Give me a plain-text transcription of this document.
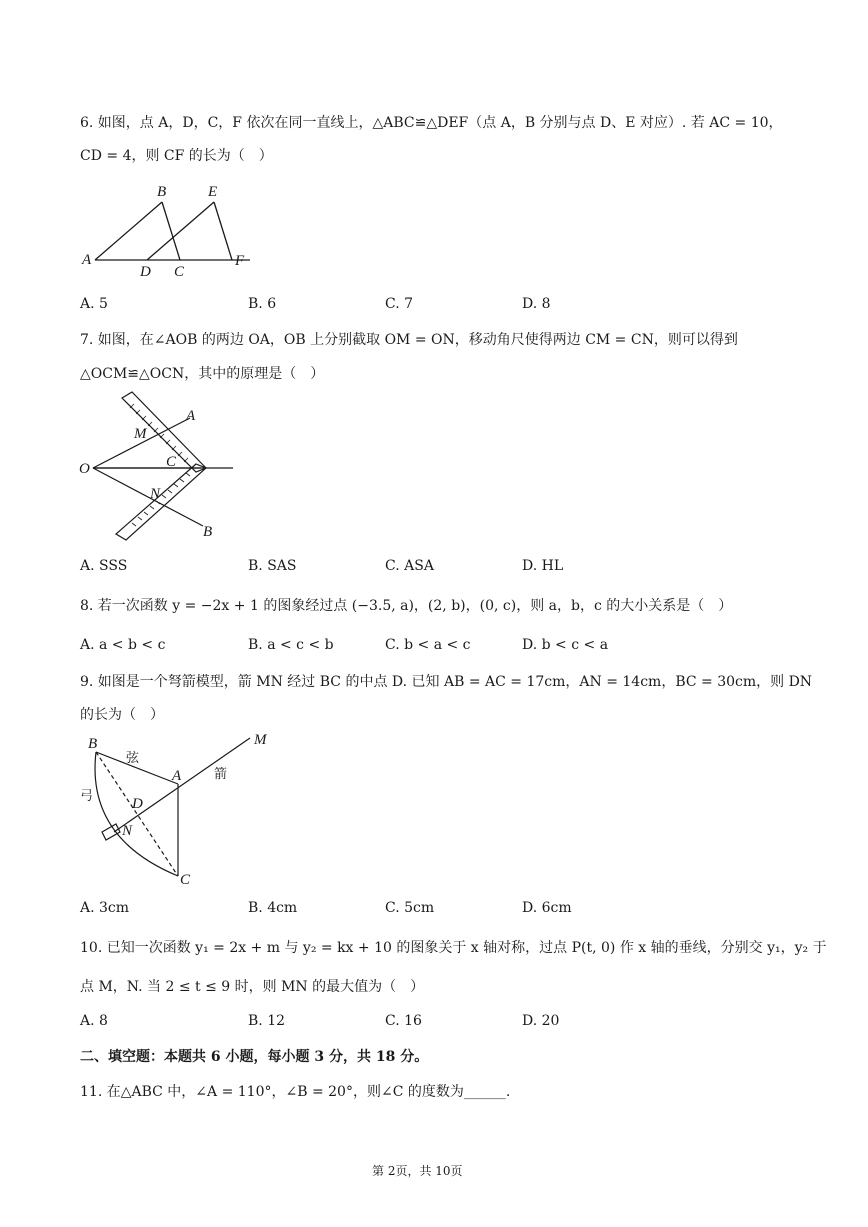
6. 如图，点 A，D，C，F 依次在同一直线上，△ABC≌△DEF（点 A，B 分别与点 D、E 对应）. 若 AC = 10，
CD = 4，则 CF 的长为（　）
A
B	E
D C
F
A. 5	B. 6	C. 7	D. 8
7. 如图，在∠AOB 的两边 OA，OB 上分别截取 OM = ON，移动角尺使得两边 CM = CN，则可以得到
△OCM≌△OCN，其中的原理是（　）
O
A
B
M
N
C
A. SSS	B. SAS	C. ASA	D. HL
8. 若一次函数 y = −2x + 1 的图象经过点 (−3.5, a)，(2, b)，(0, c)，则 a，b，c 的大小关系是（　）
A. a < b < c	B. a < c < b	C. b < a < c	D. b < c < a
9. 如图是一个弩箭模型，箭 MN 经过 BC 的中点 D. 已知 AB = AC = 17cm，AN = 14cm，BC = 30cm，则 DN
的长为（　）
B	M
A
D
N
C
弦
箭
弓
A. 3cm	B. 4cm	C. 5cm	D. 6cm
10. 已知一次函数 y₁ = 2x + m 与 y₂ = kx + 10 的图象关于 x 轴对称，过点 P(t, 0) 作 x 轴的垂线，分别交 y₁，y₂ 于
点 M，N. 当 2 ≤ t ≤ 9 时，则 MN 的最大值为（　）
A. 8	B. 12	C. 16	D. 20
二、填空题：本题共 6 小题，每小题 3 分，共 18 分。
11. 在△ABC 中，∠A = 110°，∠B = 20°，则∠C 的度数为______.
第 2页，共 10页
